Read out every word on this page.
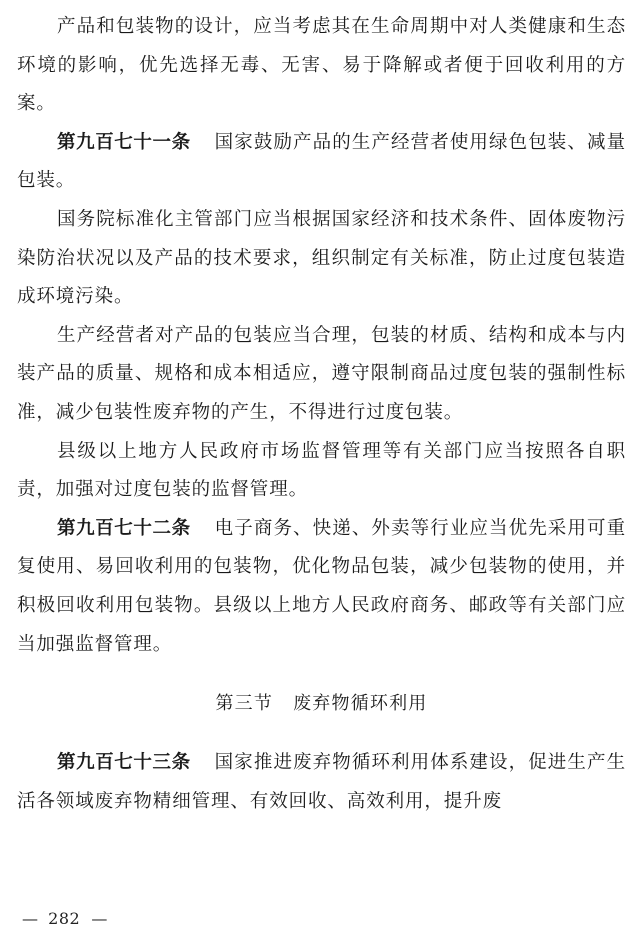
产品和包装物的设计，应当考虑其在生命周期中对人类健康和生态环境的影响，优先选择无毒、无害、易于降解或者便于回收利用的方案。

第九百七十一条 国家鼓励产品的生产经营者使用绿色包装、减量包装。

国务院标准化主管部门应当根据国家经济和技术条件、固体废物污染防治状况以及产品的技术要求，组织制定有关标准，防止过度包装造成环境污染。

生产经营者对产品的包装应当合理，包装的材质、结构和成本与内装产品的质量、规格和成本相适应，遵守限制商品过度包装的强制性标准，减少包装性废弃物的产生，不得进行过度包装。

县级以上地方人民政府市场监督管理等有关部门应当按照各自职责，加强对过度包装的监督管理。

第九百七十二条 电子商务、快递、外卖等行业应当优先采用可重复使用、易回收利用的包装物，优化物品包装，减少包装物的使用，并积极回收利用包装物。县级以上地方人民政府商务、邮政等有关部门应当加强监督管理。

第三节 废弃物循环利用

第九百七十三条 国家推进废弃物循环利用体系建设，促进生产生活各领域废弃物精细管理、有效回收、高效利用，提升废

— 282 —
